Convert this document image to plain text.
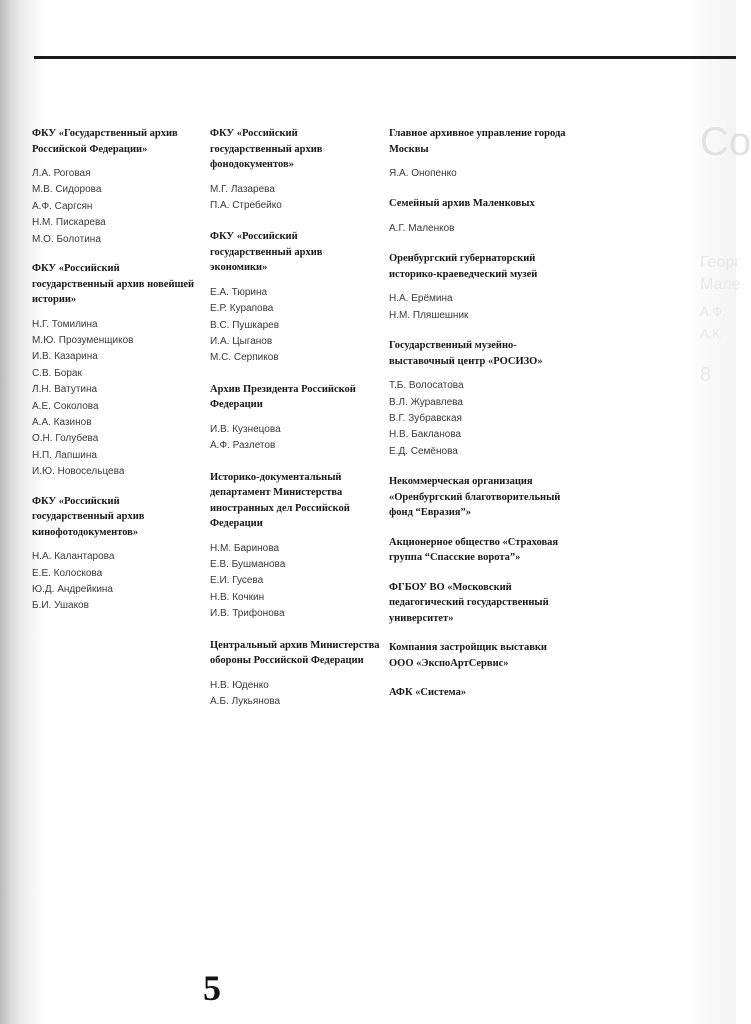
Со
Георг
Мале
А.Ф.
А.К.
8

ФКУ «Государственный архив Российской Федерации»

Л.А. Роговая
М.В. Сидорова
А.Ф. Саргсян
Н.М. Пискарева
М.О. Болотина

ФКУ «Российский государственный архив новейшей истории»

Н.Г. Томилина
М.Ю. Прозуменщиков
И.В. Казарина
С.В. Борак
Л.Н. Ватутина
А.Е. Соколова
А.А. Казинов
О.Н. Голубева
Н.П. Лапшина
И.Ю. Новосельцева

ФКУ «Российский государственный архив кинофотодокументов»

Н.А. Калантарова
Е.Е. Колоскова
Ю.Д. Андрейкина
Б.И. Ушаков

ФКУ «Российский государственный архив фонодокументов»

М.Г. Лазарева
П.А. Стребейко

ФКУ «Российский государственный архив экономики»

Е.А. Тюрина
Е.Р. Курапова
В.С. Пушкарев
И.А. Цыганов
М.С. Серпиков

Архив Президента Российской Федерации

И.В. Кузнецова
А.Ф. Разлетов

Историко-документальный департамент Министерства иностранных дел Российской Федерации

Н.М. Баринова
Е.В. Бушманова
Е.И. Гусева
Н.В. Кочкин
И.В. Трифонова

Центральный архив Министерства обороны Российской Федерации

Н.В. Юденко
А.Б. Лукьянова

Главное архивное управление города Москвы

Я.А. Онопенко

Семейный архив Маленковых

А.Г. Маленков

Оренбургский губернаторский историко-краеведческий музей

Н.А. Ерёмина
Н.М. Пляшешник

Государственный музейно-выставочный центр «РОСИЗО»

Т.Б. Волосатова
В.Л. Журавлева
В.Г. Зубравская
Н.В. Бакланова
Е.Д. Семёнова

Некоммерческая организация «Оренбургский благотворительный фонд “Евразия”»

Акционерное общество «Страховая группа “Спасские ворота”»

ФГБОУ ВО «Московский педагогический государственный университет»

Компания застройщик выставки ООО «ЭкспоАртСервис»

АФК «Система»

5
